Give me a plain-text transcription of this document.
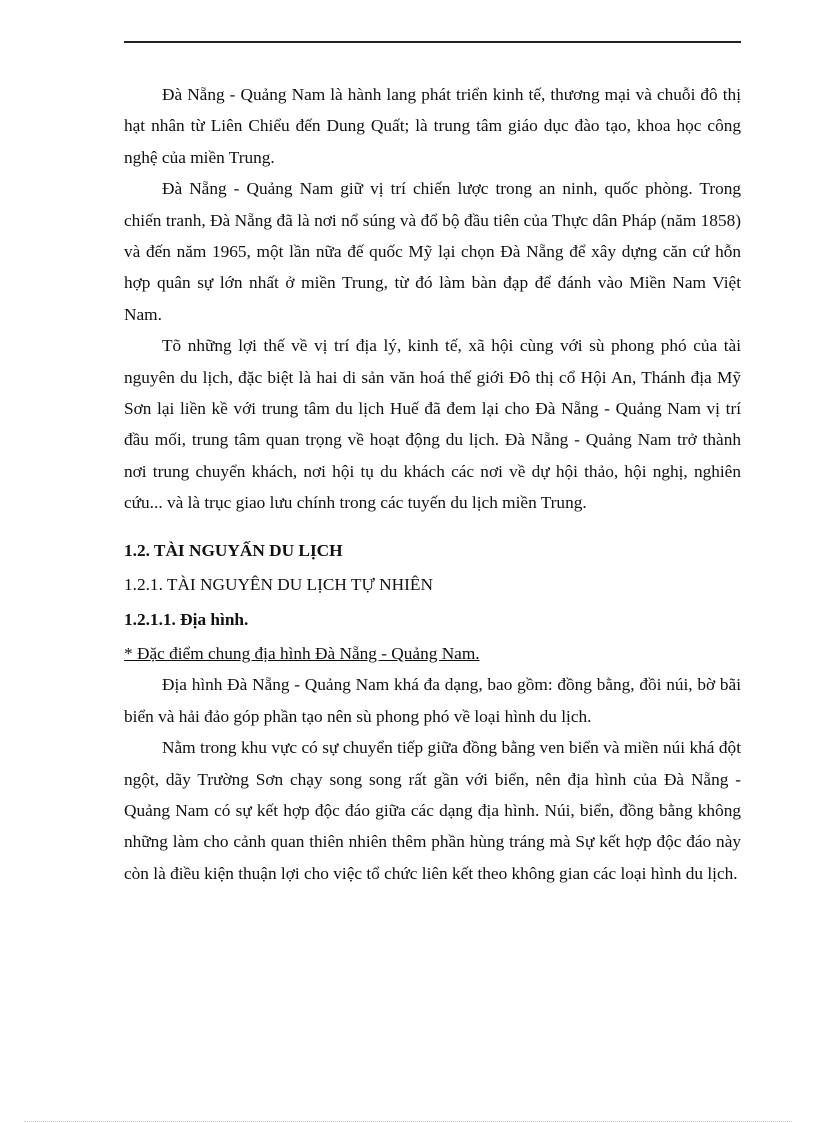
Đà Nẵng - Quảng Nam là hành lang phát triển kinh tế, thương mại và chuỗi đô thị hạt nhân từ Liên Chiểu đến Dung Quất; là trung tâm giáo dục đào tạo, khoa học công nghệ của miền Trung.

Đà Nẵng - Quảng Nam giữ vị trí chiến lược trong an ninh, quốc phòng. Trong chiến tranh, Đà Nẵng đã là nơi nổ súng và đổ bộ đầu tiên của Thực dân Pháp (năm 1858) và đến năm 1965, một lần nữa đế quốc Mỹ lại chọn Đà Nẵng để xây dựng căn cứ hỗn hợp quân sự lớn nhất ở miền Trung, từ đó làm bàn đạp để đánh vào Miền Nam Việt Nam.

Tõ những lợi thế về vị trí địa lý, kinh tế, xã hội cùng với sù phong phó của tài nguyên du lịch, đặc biệt là hai di sản văn hoá thế giới Đô thị cổ Hội An, Thánh địa Mỹ Sơn lại liền kề với trung tâm du lịch Huế đã đem lại cho Đà Nẵng - Quảng Nam vị trí đầu mối, trung tâm quan trọng về hoạt động du lịch. Đà Nẵng - Quảng Nam trở thành nơi trung chuyển khách, nơi hội tụ du khách các nơi về dự hội thảo, hội nghị, nghiên cứu... và là trục giao lưu chính trong các tuyến du lịch miền Trung.

1.2. TÀI NGUYẤN DU LỊCH

1.2.1. TÀI NGUYÊN DU LỊCH TỰ NHIÊN

1.2.1.1. Địa hình.

* Đặc điểm chung địa hình Đà Nẵng - Quảng Nam.

Địa hình Đà Nẵng - Quảng Nam khá đa dạng, bao gồm: đồng bằng, đồi núi, bờ bãi biển và hải đảo góp phần tạo nên sù phong phó về loại hình du lịch.

Nằm trong khu vực có sự chuyển tiếp giữa đồng bằng ven biển và miền núi khá đột ngột, dãy Trường Sơn chạy song song rất gần với biển, nên địa hình của Đà Nẵng - Quảng Nam có sự kết hợp độc đáo giữa các dạng địa hình. Núi, biển, đồng bằng không những làm cho cảnh quan thiên nhiên thêm phần hùng tráng mà Sự kết hợp độc đáo này còn là điều kiện thuận lợi cho việc tổ chức liên kết theo không gian các loại hình du lịch.
